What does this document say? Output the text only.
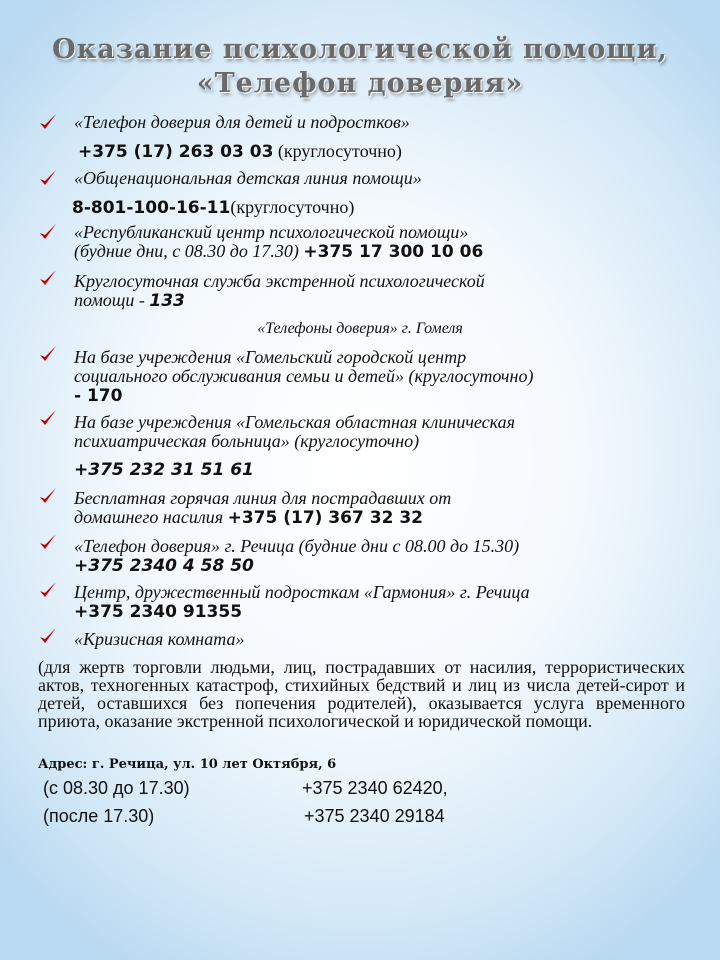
Оказание психологической помощи,
«Телефон доверия»
«Телефон доверия для детей и подростков»
+375 (17) 263 03 03 (круглосуточно)
«Общенациональная детская линия помощи»
8-801-100-16-11(круглосуточно)
«Республиканский центр психологической помощи»
(будние дни, с 08.30 до 17.30) +375 17 300 10 06
Круглосуточная служба экстренной психологической
помощи - 133
«Телефоны доверия» г. Гомеля
На базе учреждения «Гомельский городской центр
социального обслуживания семьи и детей» (круглосуточно)
- 170
На базе учреждения «Гомельская областная клиническая
психиатрическая больница» (круглосуточно)
+375 232 31 51 61
Бесплатная горячая линия для пострадавших от
домашнего насилия +375 (17) 367 32 32
«Телефон доверия» г. Речица (будние дни с 08.00 до 15.30)
+375 2340 4 58 50
Центр, дружественный подросткам «Гармония» г. Речица
+375 2340 91355
«Кризисная комната»
(для жертв торговли людьми, лиц, пострадавших от насилия, террористических актов, техногенных катастроф, стихийных бедствий и лиц из числа детей-сирот и детей, оставшихся без попечения родителей), оказывается услуга временного приюта, оказание экстренной психологической и юридической помощи.
Адрес: г. Речица, ул. 10 лет Октября, 6
(с 08.30 до 17.30)	+375 2340 62420,
(после 17.30)	+375 2340 29184
